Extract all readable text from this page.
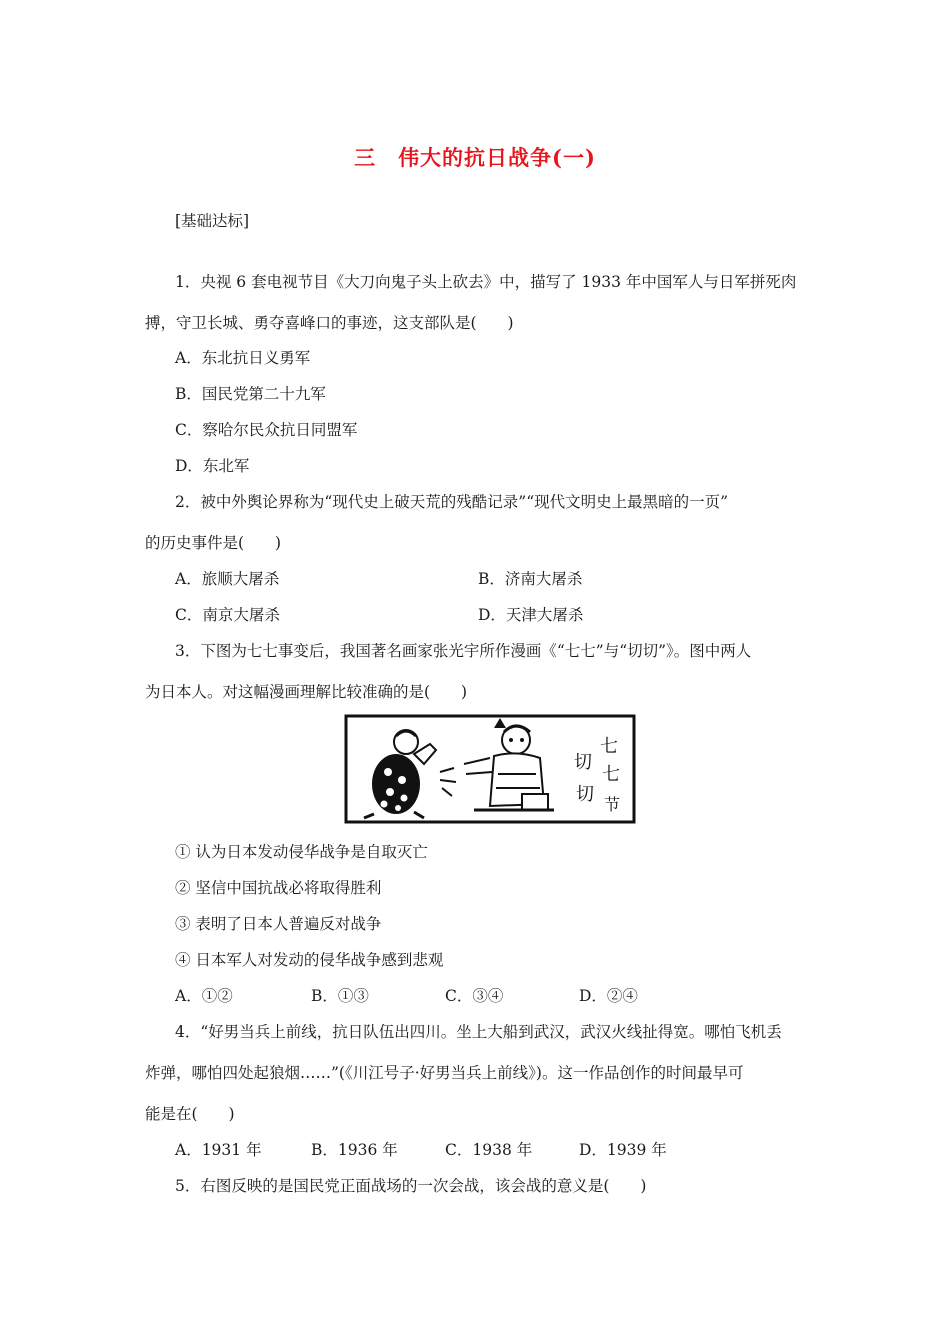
三 伟大的抗日战争(一)
[基础达标]
1．央视 6 套电视节目《大刀向鬼子头上砍去》中，描写了 1933 年中国军人与日军拼死肉
搏，守卫长城、勇夺喜峰口的事迹，这支部队是(　　)
A．东北抗日义勇军
B．国民党第二十九军
C．察哈尔民众抗日同盟军
D．东北军
2．被中外舆论界称为“现代史上破天荒的残酷记录”“现代文明史上最黑暗的一页”
的历史事件是(　　)
A．旅顺大屠杀	B．济南大屠杀
C．南京大屠杀	D．天津大屠杀
3．下图为七七事变后，我国著名画家张光宇所作漫画《“七七”与“切切”》。图中两人
为日本人。对这幅漫画理解比较准确的是(　　)
切
切
七
七
节
① 认为日本发动侵华战争是自取灭亡
② 坚信中国抗战必将取得胜利
③ 表明了日本人普遍反对战争
④ 日本军人对发动的侵华战争感到悲观
A．①②	B．①③	C．③④	D．②④
4．“好男当兵上前线，抗日队伍出四川。坐上大船到武汉，武汉火线扯得宽。哪怕飞机丢
炸弹，哪怕四处起狼烟……”(《川江号子·好男当兵上前线》)。这一作品创作的时间最早可
能是在(　　)
A．1931 年	B．1936 年	C．1938 年	D．1939 年
5．右图反映的是国民党正面战场的一次会战，该会战的意义是(　　)
